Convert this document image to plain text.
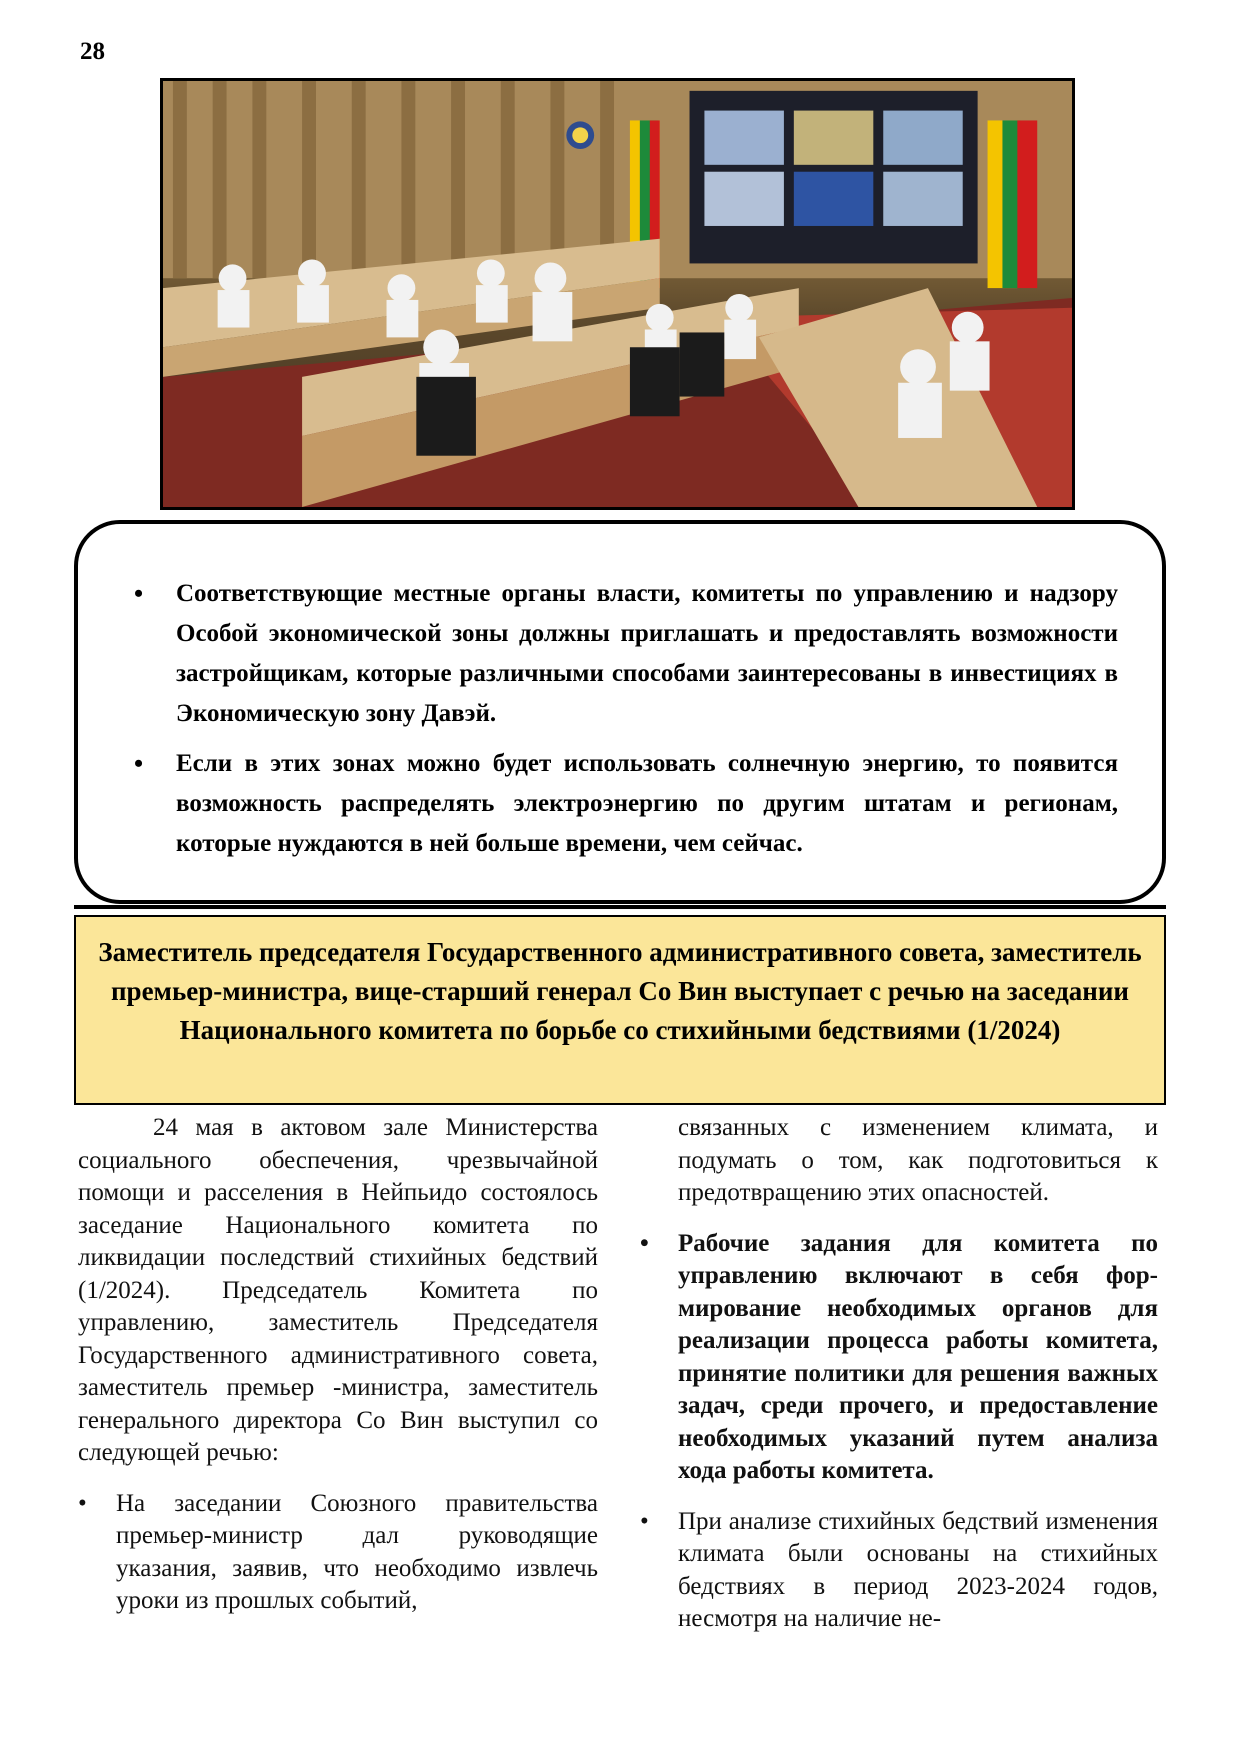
28
• Соответствующие местные органы власти, комитеты по управлению и надзору Особой экономической зоны должны приглашать и предоставлять возможности застройщикам, которые различными способами заинтересованы в инвестициях в Экономическую зону Давэй.
• Если в этих зонах можно будет использовать солнечную энергию, то появится возможность распределять электроэнергию по другим штатам и регионам, которые нуждаются в ней больше времени, чем сейчас.
Заместитель председателя Государственного административного совета, заместитель премьер-министра, вице-старший генерал Со Вин выступает с речью на заседании Национального комитета по борьбе со стихийными бедствиями (1/2024)

24 мая в актовом зале Министерства социального обеспечения, чрезвычайной помощи и расселения в Нейпьидо состоялось заседание Национального комитета по ликвидации последствий стихийных бедствий (1/2024). Председатель Комитета по управлению, заместитель Председателя Государственного административного совета, заместитель премьер -министра, заместитель генерального директора Со Вин выступил со следующей речью:

• На заседании Союзного правительства премьер-министр дал руководящие указания, заявив, что необходимо извлечь уроки из прошлых событий,

связанных с изменением климата, и подумать о том, как подготовиться к предотвращению этих опасностей.

• Рабочие задания для комитета по управлению включают в себя формирование необходимых органов для реализации процесса работы комитета, принятие политики для решения важных задач, среди прочего, и предоставление необходимых указаний путем анализа хода работы комитета.
• При анализе стихийных бедствий изменения климата были основаны на стихийных бедствиях в период 2023-2024 годов, несмотря на наличие не-
